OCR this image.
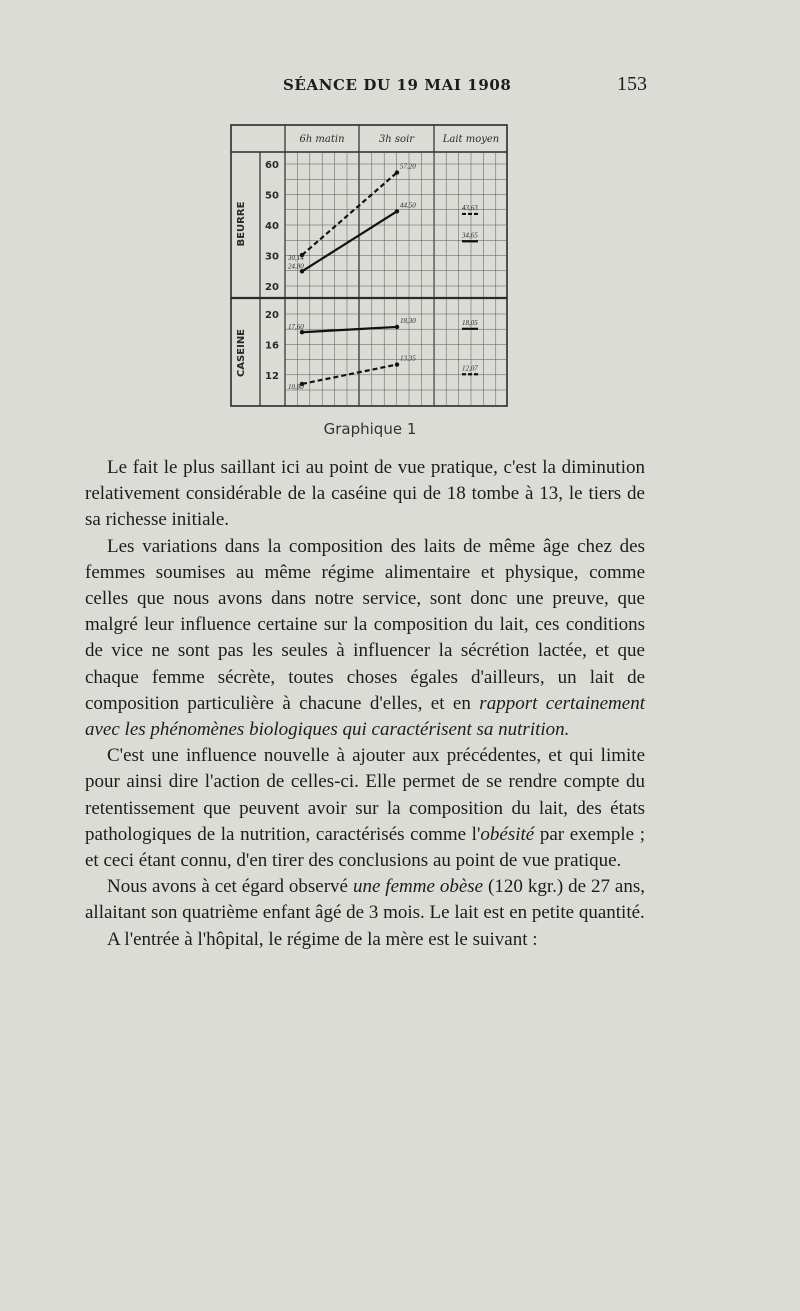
SÉANCE DU 19 MAI 1908	153
6h matin	3h soir	Lait moyen
BEURRE
60
50
40
30
20
24,80
44,50
30,14
57,20
43,63
34,65
CASEINE
20
16
12
17,60
18,30
10,80
13,35
18,05
12,07
Graphique 1

Le fait le plus saillant ici au point de vue pratique, c'est la diminution relativement considérable de la caséine qui de 18 tombe à 13, le tiers de sa richesse initiale.

Les variations dans la composition des laits de même âge chez des femmes soumises au même régime alimentaire et physique, comme celles que nous avons dans notre service, sont donc une preuve, que malgré leur influence certaine sur la composition du lait, ces conditions de vice ne sont pas les seules à influencer la sécrétion lactée, et que chaque femme sécrète, toutes choses égales d'ailleurs, un lait de composition particulière à chacune d'elles, et en rapport certainement avec les phénomènes biologiques qui caractérisent sa nutrition.

C'est une influence nouvelle à ajouter aux précédentes, et qui limite pour ainsi dire l'action de celles-ci. Elle permet de se rendre compte du retentissement que peuvent avoir sur la composition du lait, des états pathologiques de la nutrition, caractérisés comme l'obésité par exemple ; et ceci étant connu, d'en tirer des conclusions au point de vue pratique.

Nous avons à cet égard observé une femme obèse (120 kgr.) de 27 ans, allaitant son quatrième enfant âgé de 3 mois. Le lait est en petite quantité.

A l'entrée à l'hôpital, le régime de la mère est le suivant :
